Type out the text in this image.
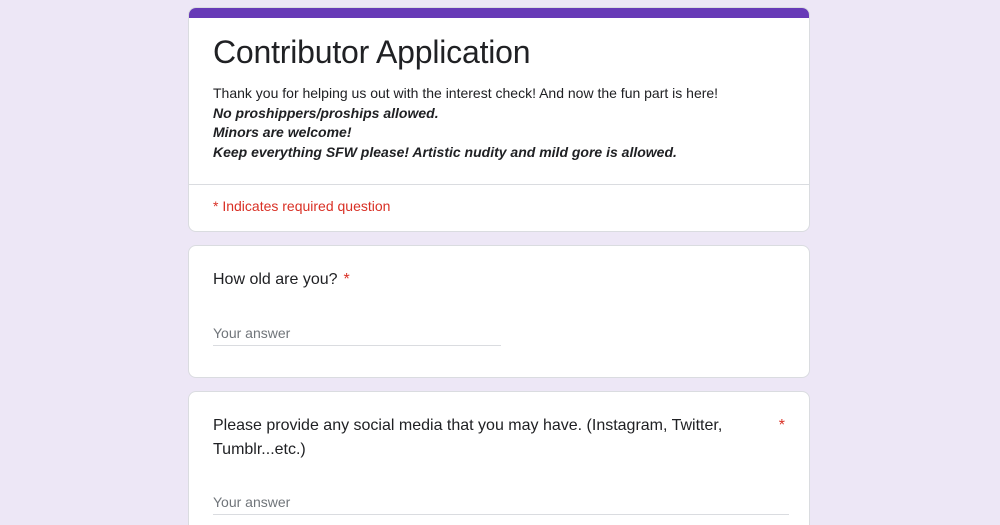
Contributor Application
Thank you for helping us out with the interest check! And now the fun part is here!
No proshippers/proships allowed.
Minors are welcome!
Keep everything SFW please! Artistic nudity and mild gore is allowed.
* Indicates required question
How old are you? *
Your answer
Please provide any social media that you may have. (Instagram, Twitter, Tumblr...etc.)
*
Your answer
